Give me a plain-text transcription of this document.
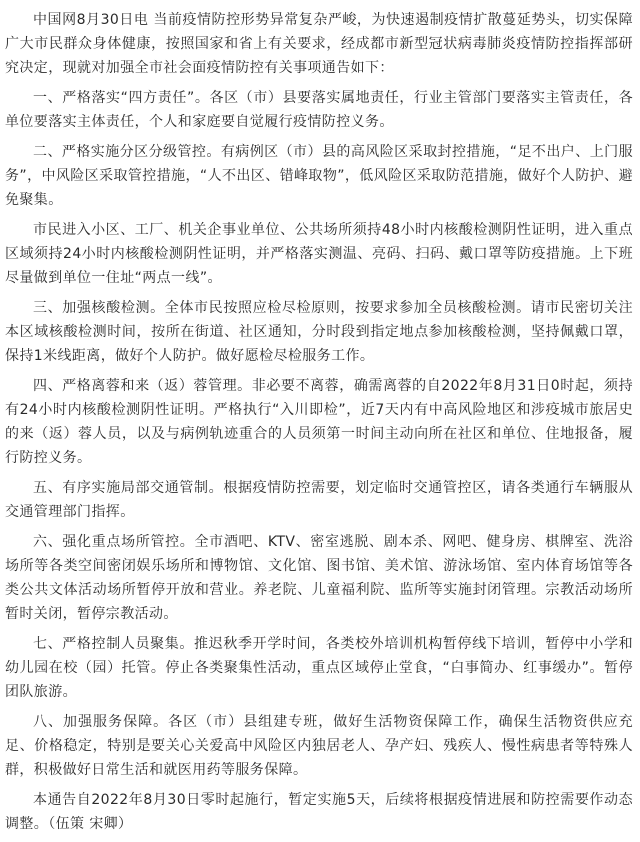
中国网8月30日电 当前疫情防控形势异常复杂严峻，为快速遏制疫情扩散蔓延势头，切实保障广大市民群众身体健康，按照国家和省上有关要求，经成都市新型冠状病毒肺炎疫情防控指挥部研究决定，现就对加强全市社会面疫情防控有关事项通告如下：

一、严格落实“四方责任”。各区（市）县要落实属地责任，行业主管部门要落实主管责任，各单位要落实主体责任，个人和家庭要自觉履行疫情防控义务。

二、严格实施分区分级管控。有病例区（市）县的高风险区采取封控措施，“足不出户、上门服务”，中风险区采取管控措施，“人不出区、错峰取物”，低风险区采取防范措施，做好个人防护、避免聚集。

市民进入小区、工厂、机关企事业单位、公共场所须持48小时内核酸检测阴性证明，进入重点区域须持24小时内核酸检测阴性证明，并严格落实测温、亮码、扫码、戴口罩等防疫措施。上下班尽量做到单位一住址“两点一线”。

三、加强核酸检测。全体市民按照应检尽检原则，按要求参加全员核酸检测。请市民密切关注本区域核酸检测时间，按所在街道、社区通知，分时段到指定地点参加核酸检测，坚持佩戴口罩，保持1米线距离，做好个人防护。做好愿检尽检服务工作。

四、严格离蓉和来（返）蓉管理。非必要不离蓉，确需离蓉的自2022年8月31日0时起，须持有24小时内核酸检测阴性证明。严格执行“入川即检”，近7天内有中高风险地区和涉疫城市旅居史的来（返）蓉人员，以及与病例轨迹重合的人员须第一时间主动向所在社区和单位、住地报备，履行防控义务。

五、有序实施局部交通管制。根据疫情防控需要，划定临时交通管控区，请各类通行车辆服从交通管理部门指挥。

六、强化重点场所管控。全市酒吧、KTV、密室逃脱、剧本杀、网吧、健身房、棋牌室、洗浴场所等各类空间密闭娱乐场所和博物馆、文化馆、图书馆、美术馆、游泳场馆、室内体育场馆等各类公共文体活动场所暂停开放和营业。养老院、儿童福利院、监所等实施封闭管理。宗教活动场所暂时关闭，暂停宗教活动。

七、严格控制人员聚集。推迟秋季开学时间，各类校外培训机构暂停线下培训，暂停中小学和幼儿园在校（园）托管。停止各类聚集性活动，重点区域停止堂食，“白事简办、红事缓办”。暂停团队旅游。

八、加强服务保障。各区（市）县组建专班，做好生活物资保障工作，确保生活物资供应充足、价格稳定，特别是要关心关爱高中风险区内独居老人、孕产妇、残疾人、慢性病患者等特殊人群，积极做好日常生活和就医用药等服务保障。

本通告自2022年8月30日零时起施行，暂定实施5天，后续将根据疫情进展和防控需要作动态调整。（伍策 宋卿）
